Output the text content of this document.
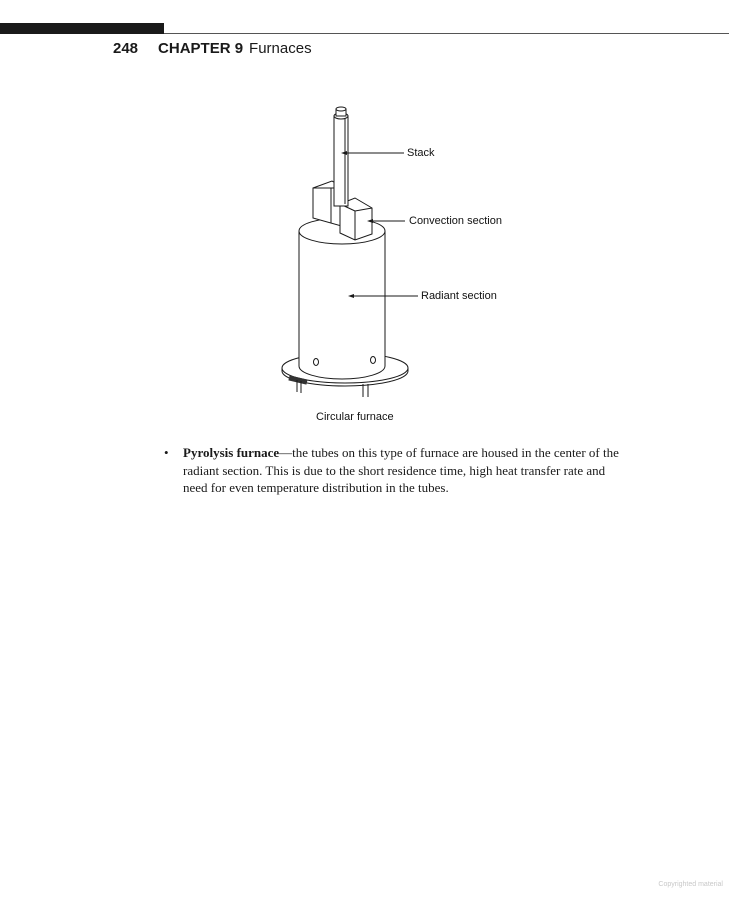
248 CHAPTER 9 Furnaces
Stack
Convection section
Radiant section
Circular furnace
• Pyrolysis furnace—the tubes on this type of furnace are housed in the center of the radiant section. This is due to the short residence time, high heat transfer rate and need for even temperature distribution in the tubes.
Copyrighted material
